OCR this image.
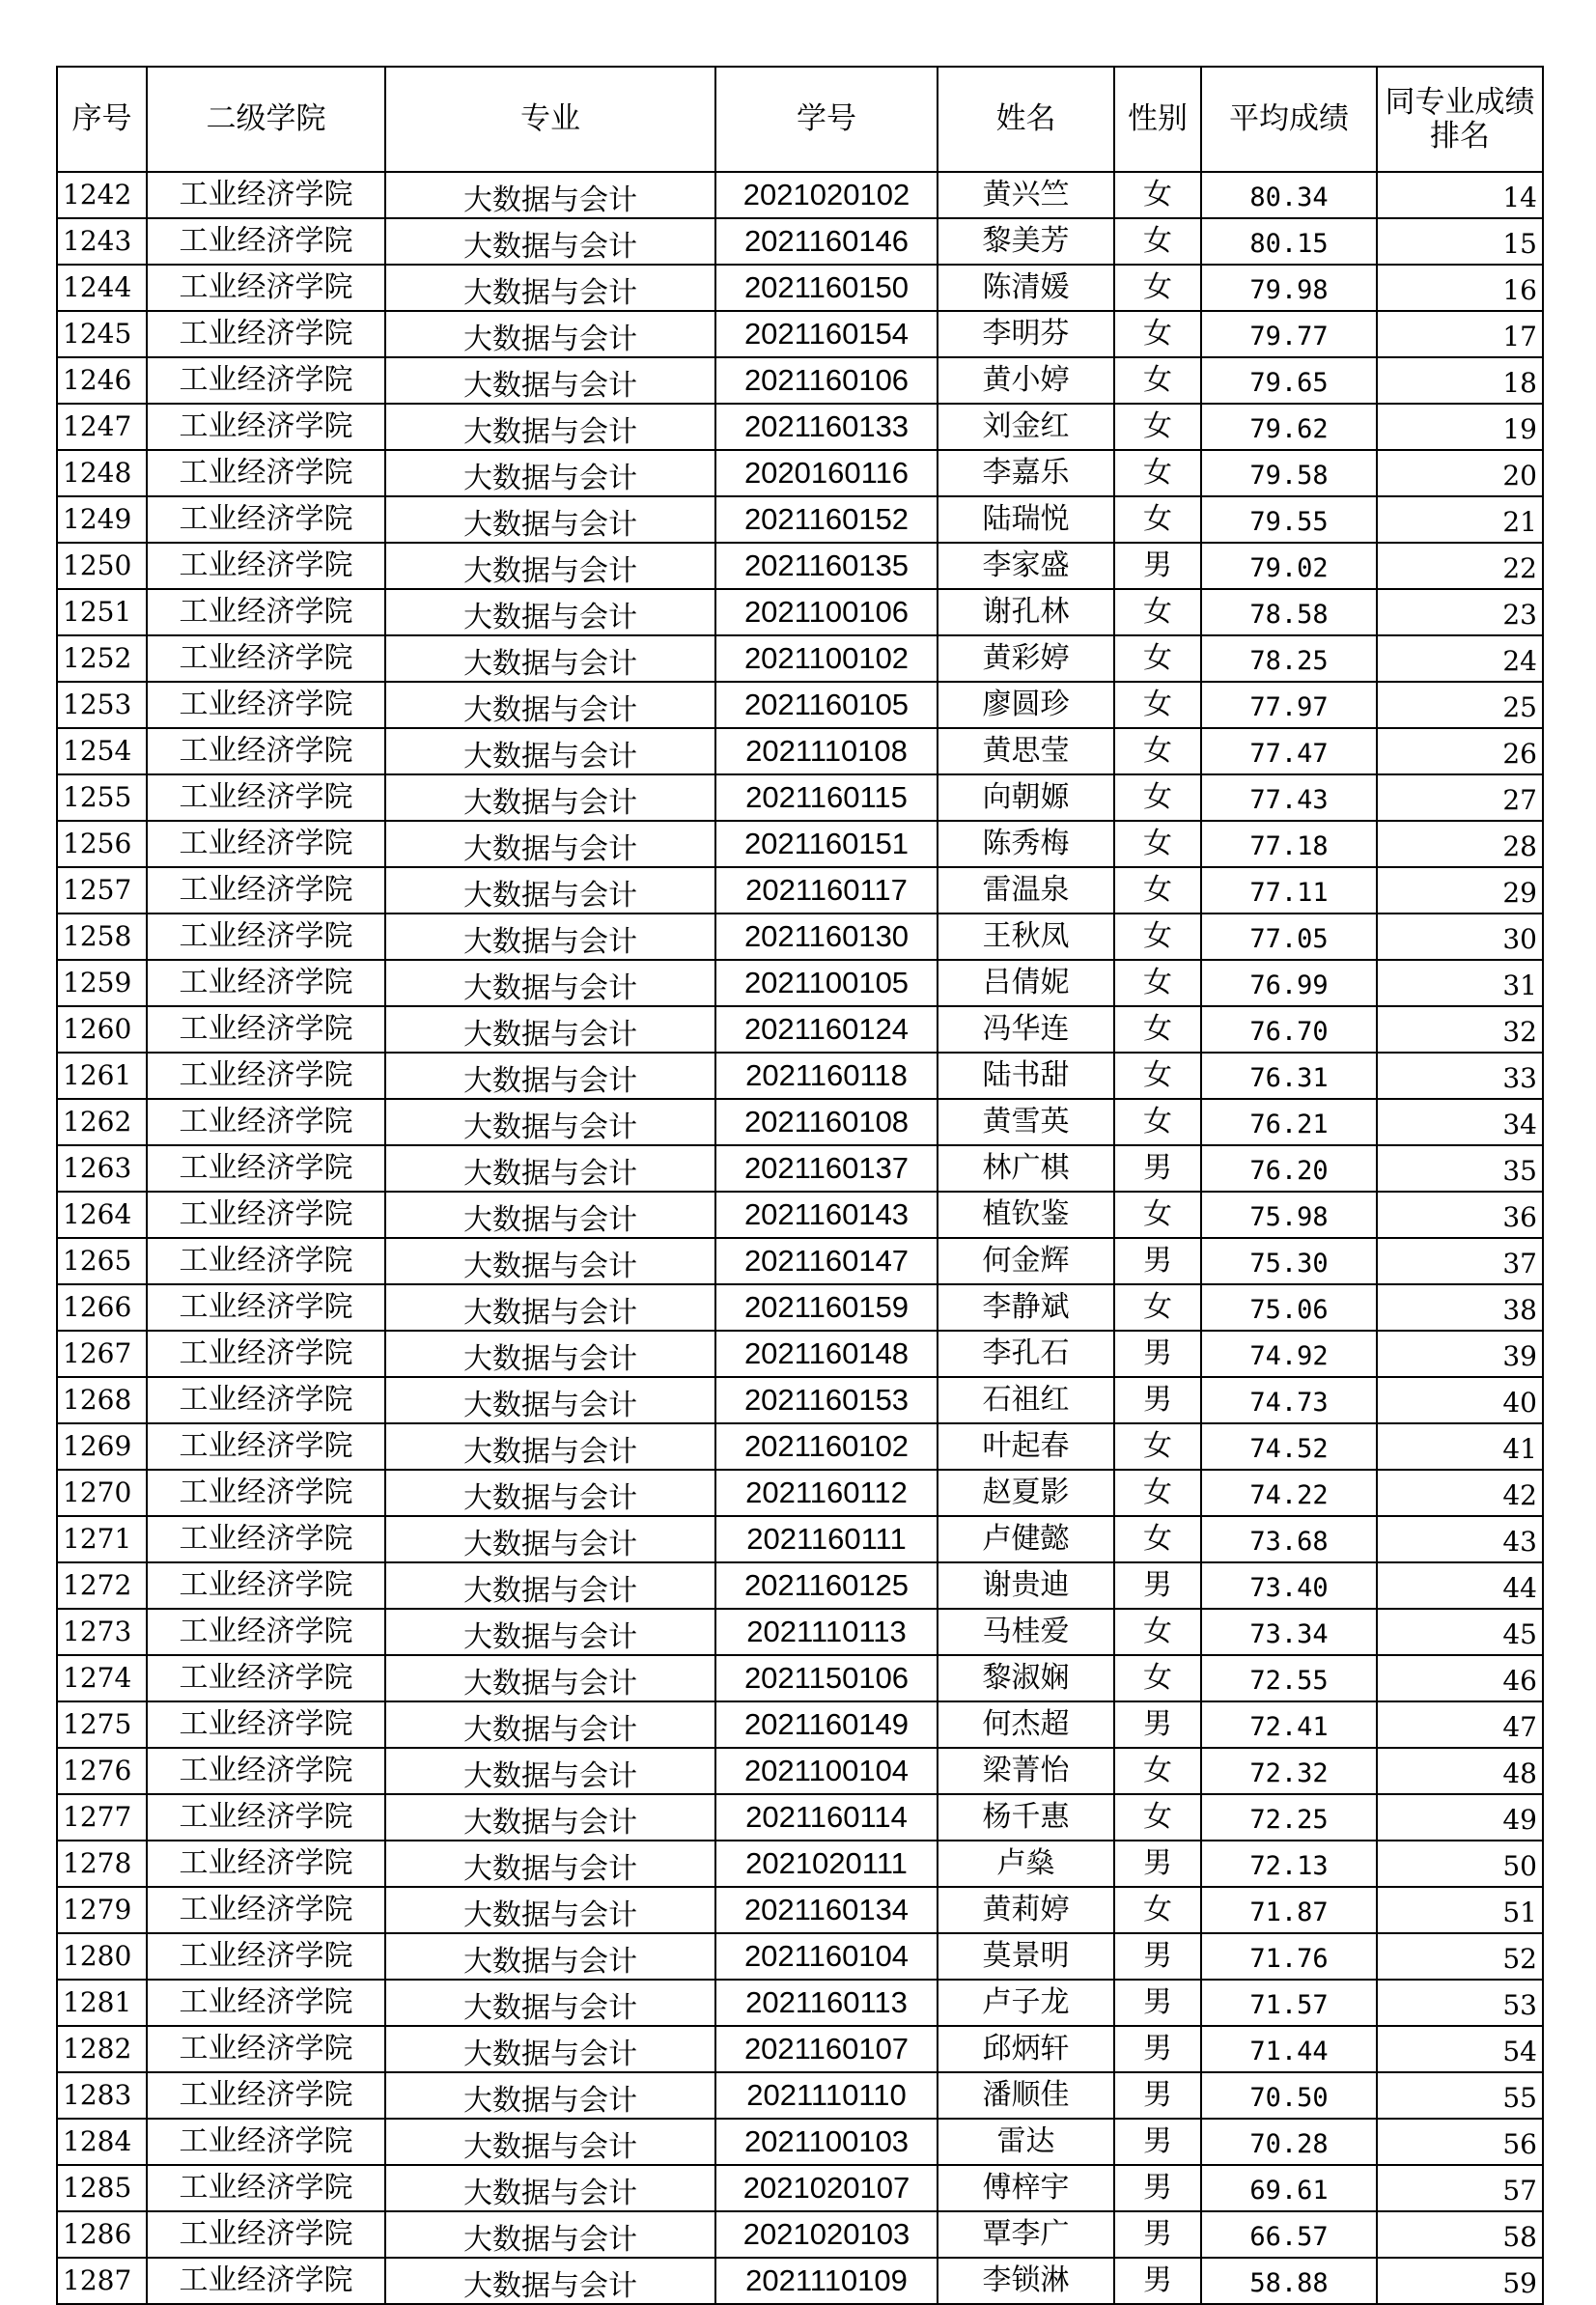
序号	二级学院	专业	学号	姓名	性别	平均成绩	同专业成绩排名
1242	工业经济学院	大数据与会计	2021020102	黄兴竺	女	80.34	14
1243	工业经济学院	大数据与会计	2021160146	黎美芳	女	80.15	15
1244	工业经济学院	大数据与会计	2021160150	陈清媛	女	79.98	16
1245	工业经济学院	大数据与会计	2021160154	李明芬	女	79.77	17
1246	工业经济学院	大数据与会计	2021160106	黄小婷	女	79.65	18
1247	工业经济学院	大数据与会计	2021160133	刘金红	女	79.62	19
1248	工业经济学院	大数据与会计	2020160116	李嘉乐	女	79.58	20
1249	工业经济学院	大数据与会计	2021160152	陆瑞悦	女	79.55	21
1250	工业经济学院	大数据与会计	2021160135	李家盛	男	79.02	22
1251	工业经济学院	大数据与会计	2021100106	谢孔林	女	78.58	23
1252	工业经济学院	大数据与会计	2021100102	黄彩婷	女	78.25	24
1253	工业经济学院	大数据与会计	2021160105	廖圆珍	女	77.97	25
1254	工业经济学院	大数据与会计	2021110108	黄思莹	女	77.47	26
1255	工业经济学院	大数据与会计	2021160115	向朝嫄	女	77.43	27
1256	工业经济学院	大数据与会计	2021160151	陈秀梅	女	77.18	28
1257	工业经济学院	大数据与会计	2021160117	雷温泉	女	77.11	29
1258	工业经济学院	大数据与会计	2021160130	王秋凤	女	77.05	30
1259	工业经济学院	大数据与会计	2021100105	吕倩妮	女	76.99	31
1260	工业经济学院	大数据与会计	2021160124	冯华连	女	76.70	32
1261	工业经济学院	大数据与会计	2021160118	陆书甜	女	76.31	33
1262	工业经济学院	大数据与会计	2021160108	黄雪英	女	76.21	34
1263	工业经济学院	大数据与会计	2021160137	林广棋	男	76.20	35
1264	工业经济学院	大数据与会计	2021160143	植钦鉴	女	75.98	36
1265	工业经济学院	大数据与会计	2021160147	何金辉	男	75.30	37
1266	工业经济学院	大数据与会计	2021160159	李静斌	女	75.06	38
1267	工业经济学院	大数据与会计	2021160148	李孔石	男	74.92	39
1268	工业经济学院	大数据与会计	2021160153	石祖红	男	74.73	40
1269	工业经济学院	大数据与会计	2021160102	叶起春	女	74.52	41
1270	工业经济学院	大数据与会计	2021160112	赵夏影	女	74.22	42
1271	工业经济学院	大数据与会计	2021160111	卢健懿	女	73.68	43
1272	工业经济学院	大数据与会计	2021160125	谢贵迪	男	73.40	44
1273	工业经济学院	大数据与会计	2021110113	马桂爱	女	73.34	45
1274	工业经济学院	大数据与会计	2021150106	黎淑娴	女	72.55	46
1275	工业经济学院	大数据与会计	2021160149	何杰超	男	72.41	47
1276	工业经济学院	大数据与会计	2021100104	梁菁怡	女	72.32	48
1277	工业经济学院	大数据与会计	2021160114	杨千惠	女	72.25	49
1278	工业经济学院	大数据与会计	2021020111	卢燊	男	72.13	50
1279	工业经济学院	大数据与会计	2021160134	黄莉婷	女	71.87	51
1280	工业经济学院	大数据与会计	2021160104	莫景明	男	71.76	52
1281	工业经济学院	大数据与会计	2021160113	卢子龙	男	71.57	53
1282	工业经济学院	大数据与会计	2021160107	邱炳轩	男	71.44	54
1283	工业经济学院	大数据与会计	2021110110	潘顺佳	男	70.50	55
1284	工业经济学院	大数据与会计	2021100103	雷达	男	70.28	56
1285	工业经济学院	大数据与会计	2021020107	傅梓宇	男	69.61	57
1286	工业经济学院	大数据与会计	2021020103	覃李广	男	66.57	58
1287	工业经济学院	大数据与会计	2021110109	李锁淋	男	58.88	59
